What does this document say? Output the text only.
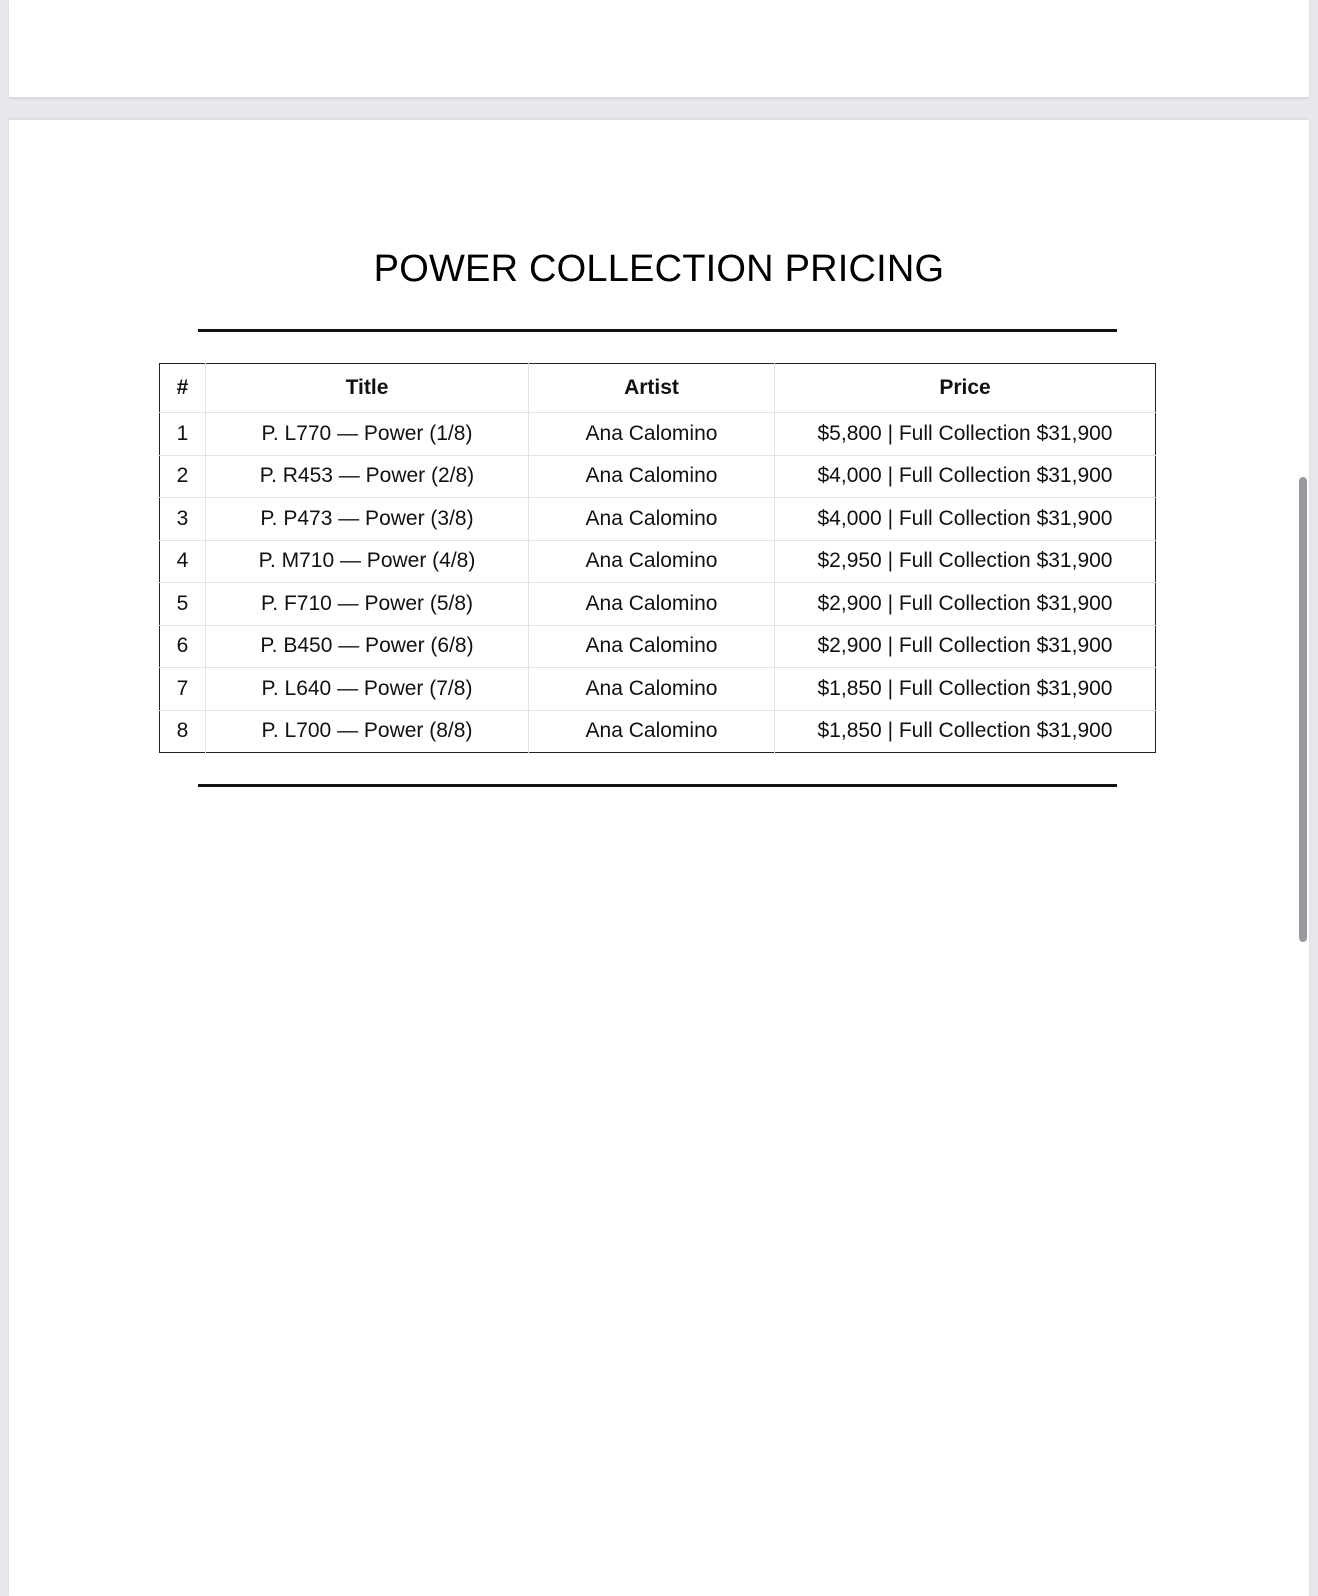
POWER COLLECTION PRICING
#	Title	Artist	Price
1	P. L770 — Power (1/8)	Ana Calomino	$5,800 | Full Collection $31,900
2	P. R453 — Power (2/8)	Ana Calomino	$4,000 | Full Collection $31,900
3	P. P473 — Power (3/8)	Ana Calomino	$4,000 | Full Collection $31,900
4	P. M710 — Power (4/8)	Ana Calomino	$2,950 | Full Collection $31,900
5	P. F710 — Power (5/8)	Ana Calomino	$2,900 | Full Collection $31,900
6	P. B450 — Power (6/8)	Ana Calomino	$2,900 | Full Collection $31,900
7	P. L640 — Power (7/8)	Ana Calomino	$1,850 | Full Collection $31,900
8	P. L700 — Power (8/8)	Ana Calomino	$1,850 | Full Collection $31,900
